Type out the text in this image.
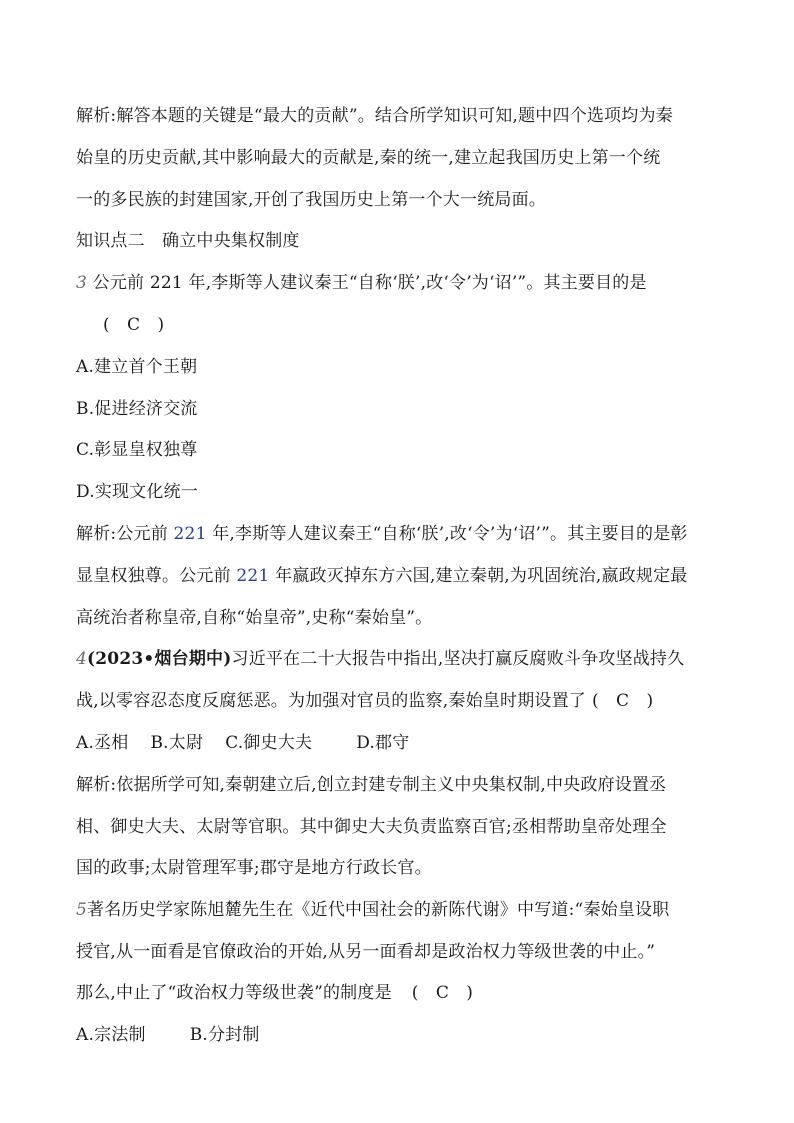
解析:解答本题的关键是“最大的贡献”。结合所学知识可知,题中四个选项均为秦
始皇的历史贡献,其中影响最大的贡献是,秦的统一,建立起我国历史上第一个统
一的多民族的封建国家,开创了我国历史上第一个大一统局面。
知识点二　确立中央集权制度
3 公元前 221 年,李斯等人建议秦王“自称‘朕’,改‘令’为‘诏’”。其主要目的是
(　C　)
A.建立首个王朝
B.促进经济交流
C.彰显皇权独尊
D.实现文化统一
解析:公元前 221 年,李斯等人建议秦王“自称‘朕’,改‘令’为‘诏’”。其主要目的是彰
显皇权独尊。公元前 221 年嬴政灭掉东方六国,建立秦朝,为巩固统治,嬴政规定最
高统治者称皇帝,自称“始皇帝”,史称“秦始皇”。
4(2023•烟台期中)习近平在二十大报告中指出,坚决打赢反腐败斗争攻坚战持久
战,以零容忍态度反腐惩恶。为加强对官员的监察,秦始皇时期设置了 (　C　)
A.丞相 B.太尉 C.御史大夫	D.郡守
解析:依据所学可知,秦朝建立后,创立封建专制主义中央集权制,中央政府设置丞
相、御史大夫、太尉等官职。其中御史大夫负责监察百官;丞相帮助皇帝处理全
国的政事;太尉管理军事;郡守是地方行政长官。
5著名历史学家陈旭麓先生在《近代中国社会的新陈代谢》中写道:“秦始皇设职
授官,从一面看是官僚政治的开始,从另一面看却是政治权力等级世袭的中止。”
那么,中止了“政治权力等级世袭”的制度是 (　C　)
A.宗法制	B.分封制
